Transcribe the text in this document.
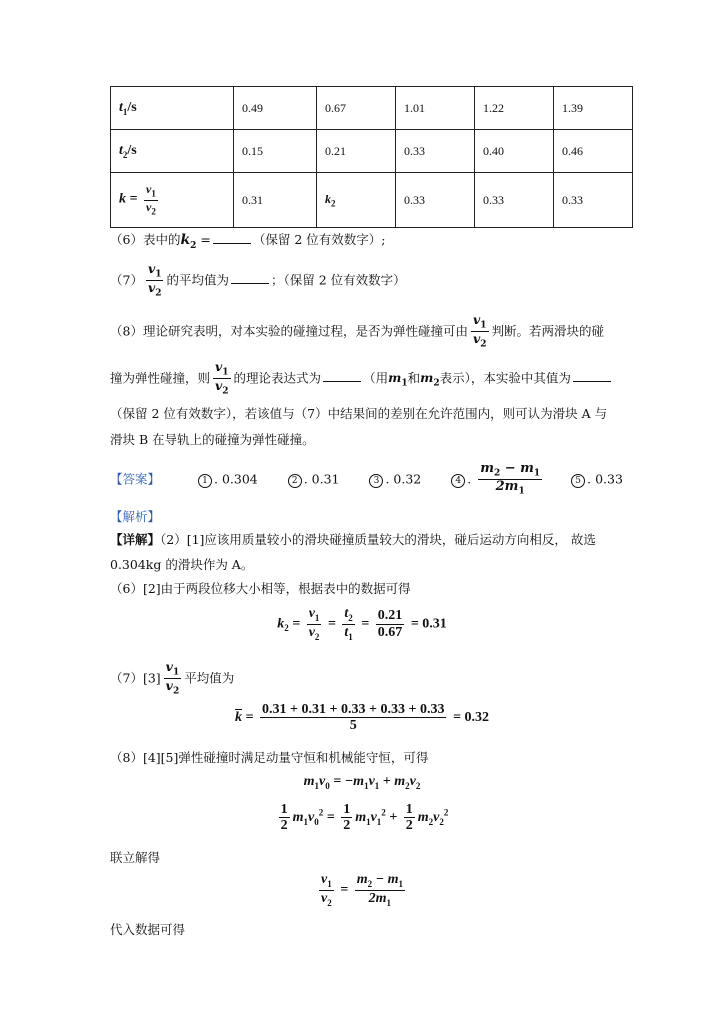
$t_1/s$	0.49	0.67	1.01	1.22	1.39
$t_2/s$	0.15	0.21	0.33	0.40	0.46
$k = \frac{v_1}{v_2}$	0.31	$k_2$	0.33	0.33	0.33
（6）表中的$k_2$ =	（保留 2 位有效数字）;
$(7) \frac{v_1}{v_2}$ 的平均值为	；（保留 2 位有效数字）
（8）理论研究表明，对本实验的碰撞过程，是否为弹性碰撞可由 $\frac{v_1}{v_2}$ 判断。若两滑块的碰
撞为弹性碰撞，则 $\frac{v_1}{v_2}$ 的理论表达式为	（用$m_1$和$m_2$表示），本实验中其值为
（保留 2 位有效数字），若该值与（7）中结果间的差别在允许范围内，则可认为滑块 A 与
滑块 B 在导轨上的碰撞为弹性碰撞。
【答案】	1 . 0.304	2 . 0.31	3 . 0.32	4 . $\frac{m_2 - m_1}{2m_1}$	5 . 0.33
【解析】
【详解】（2）[1]应该用质量较小的滑块碰撞质量较大的滑块，碰后运动方向相反， 故选
0.304kg 的滑块作为 A。
（6）[2]由于两段位移大小相等，根据表中的数据可得
$k_2 = \frac{v_1}{v_2} = \frac{t_2}{t_1} = \frac{0.21}{0.67} = 0.31$
$(7)[3] \frac{v_1}{v_2}$ 平均值为
$\overline{k} = \frac{0.31 + 0.31 + 0.33 + 0.33 + 0.33}{5} = 0.32$
（8）[4][5]弹性碰撞时满足动量守恒和机械能守恒，可得
$m_1v_0 = -m_1v_1 + m_2v_2$
$\frac{1}{2} m_1v_0^2 = \frac{1}{2} m_1v_1^2 + \frac{1}{2} m_2v_2^2$
联立解得
$\frac{v_1}{v_2} = \frac{m_2 - m_1}{2m_1}$
代入数据可得
